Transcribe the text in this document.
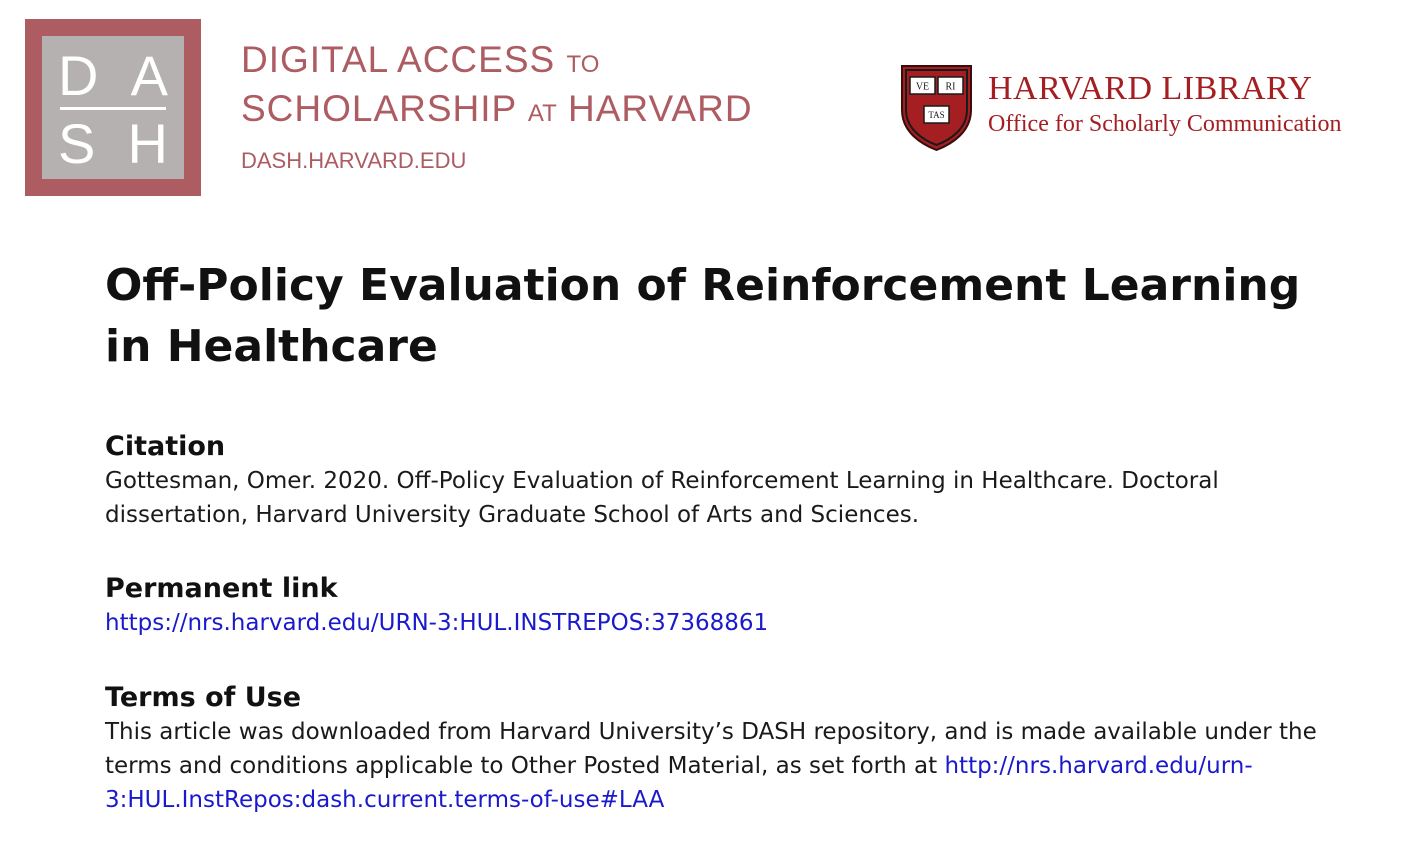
D A
S H
DIGITAL ACCESS TO
SCHOLARSHIP AT HARVARD
DASH.HARVARD.EDU
VE RI
TAS
HARVARD LIBRARY
Office for Scholarly Communication
Off-Policy Evaluation of Reinforcement Learning in Healthcare
Citation

Gottesman, Omer. 2020. Off-Policy Evaluation of Reinforcement Learning in Healthcare. Doctoral dissertation, Harvard University Graduate School of Arts and Sciences.

Permanent link

https://nrs.harvard.edu/URN-3:HUL.INSTREPOS:37368861

Terms of Use

This article was downloaded from Harvard University’s DASH repository, and is made available under the terms and conditions applicable to Other Posted Material, as set forth at http://nrs.harvard.edu/urn-3:HUL.InstRepos:dash.current.terms-of-use#LAA
